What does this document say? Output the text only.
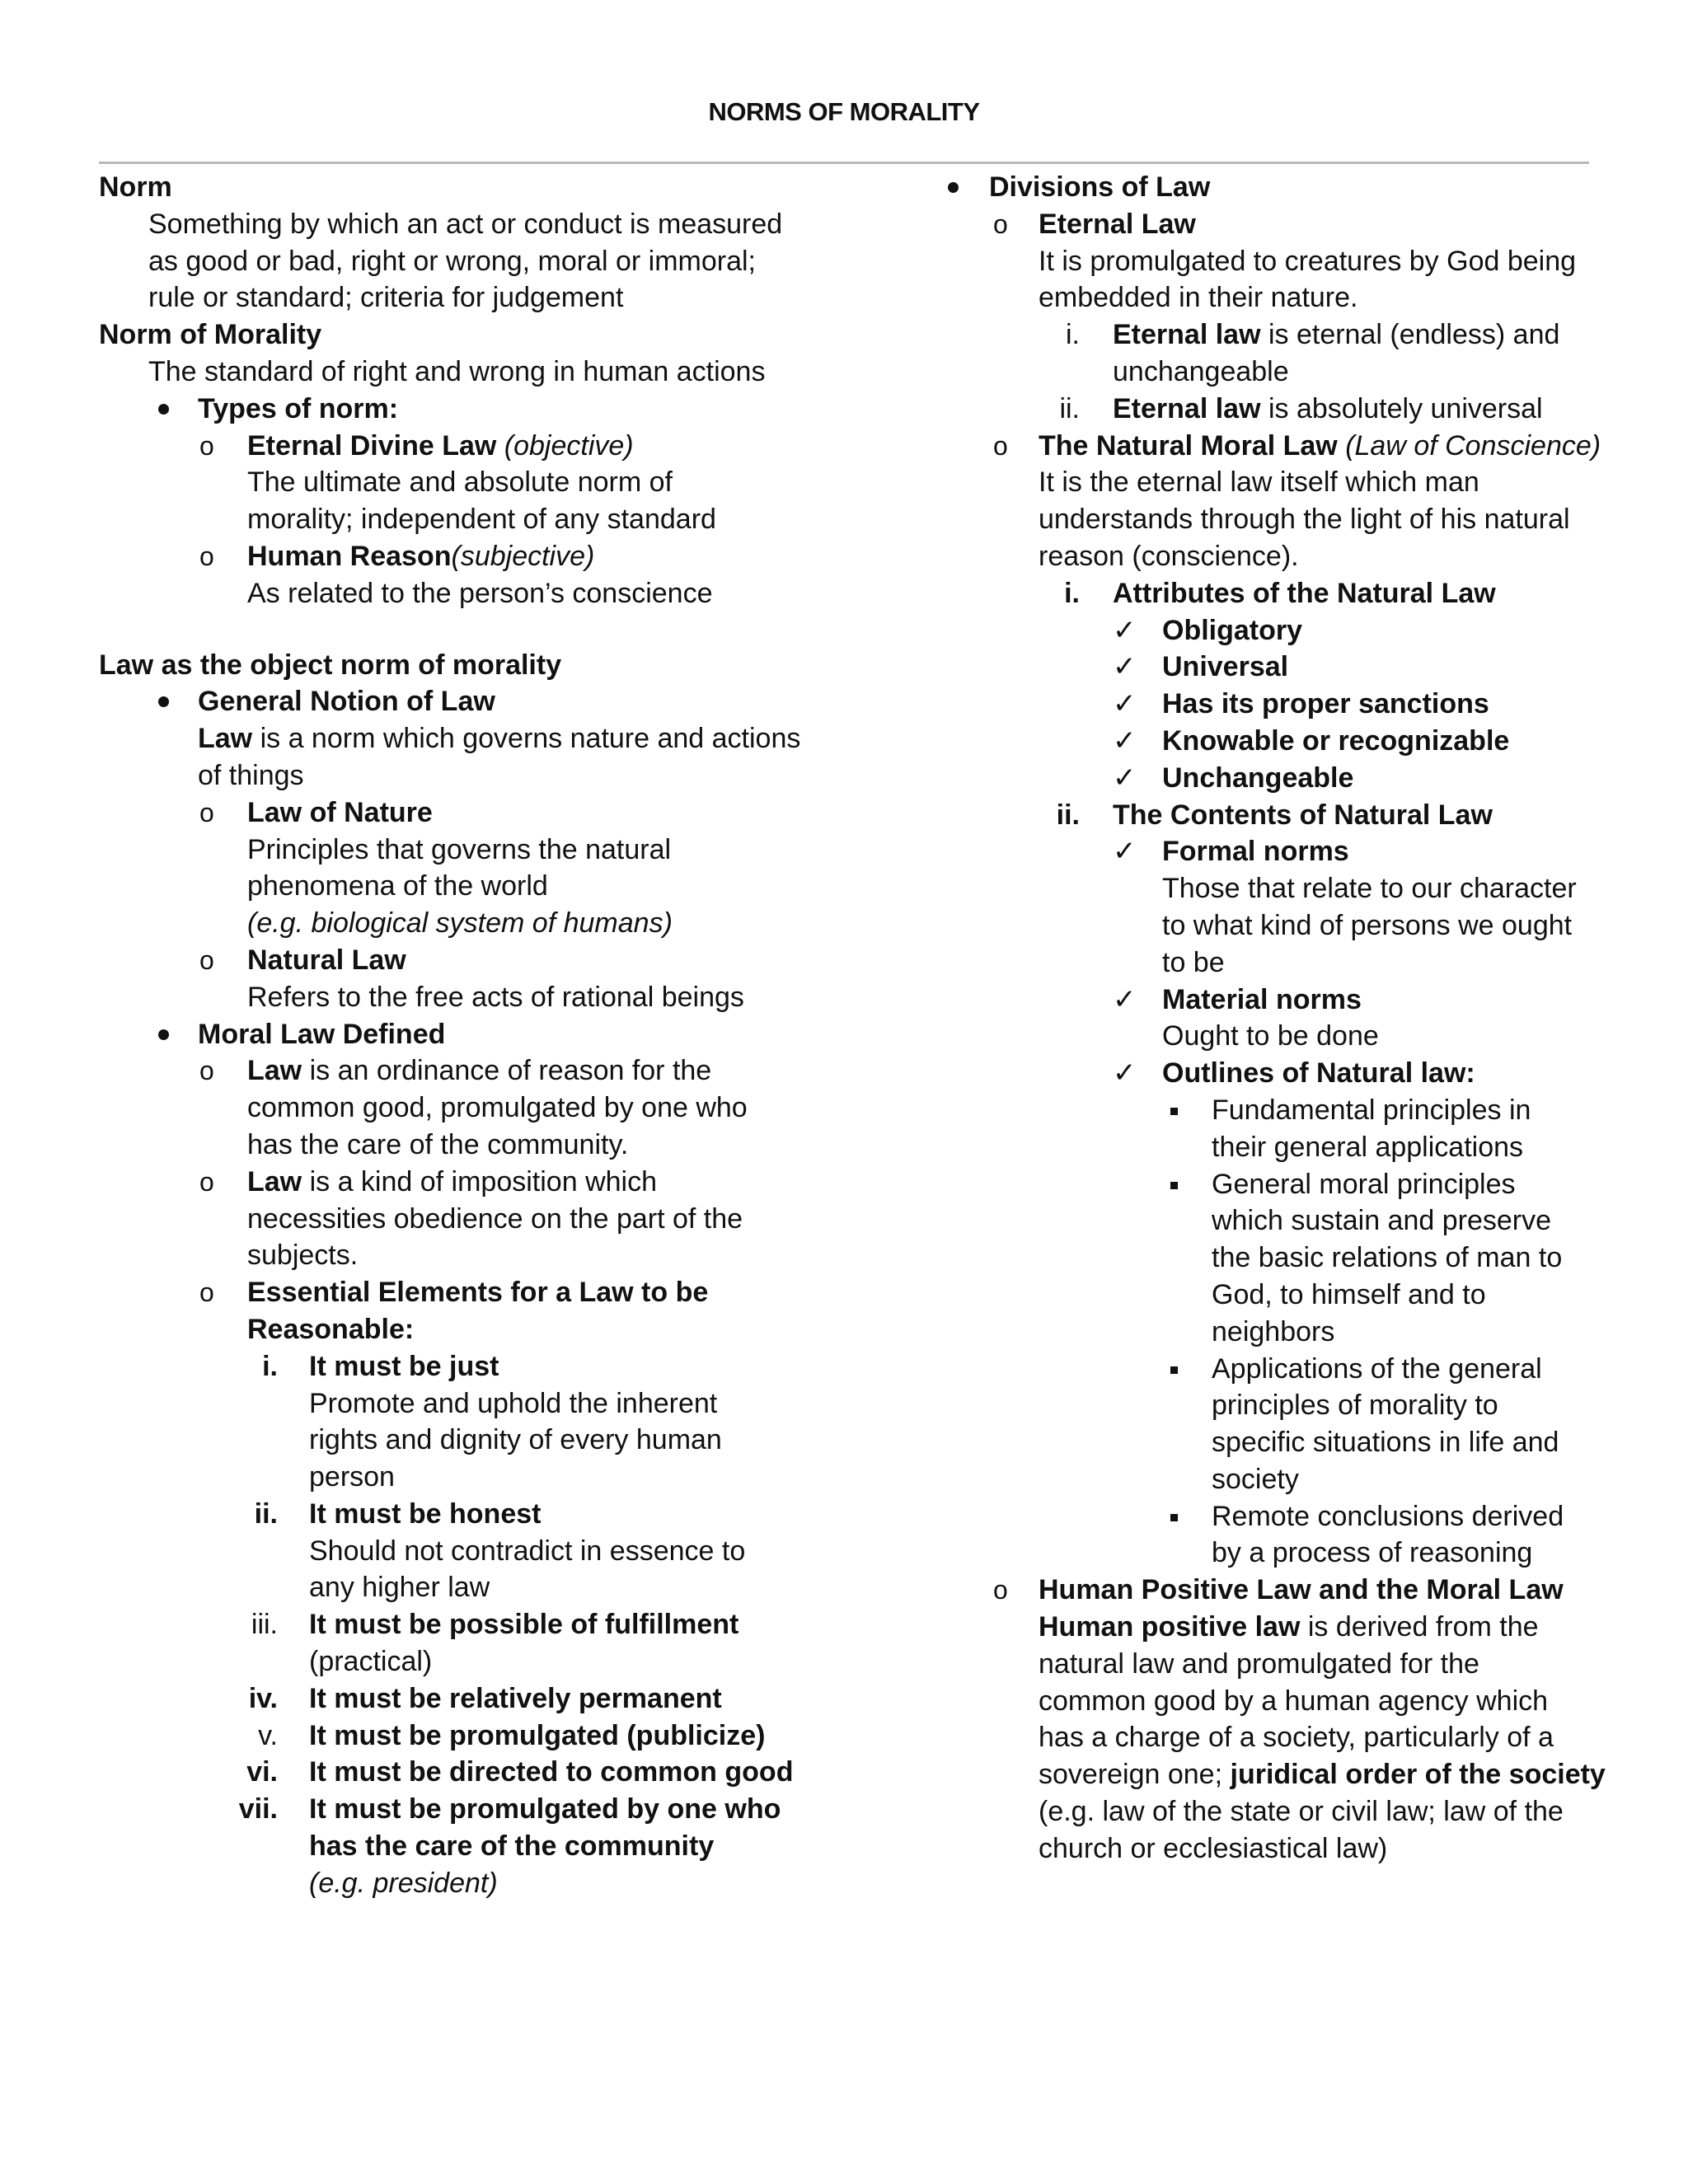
NORMS OF MORALITY
Norm
Something by which an act or conduct is measured
as good or bad, right or wrong, moral or immoral;
rule or standard; criteria for judgement
Norm of Morality
The standard of right and wrong in human actions
Types of norm:
o Eternal Divine Law (objective)
The ultimate and absolute norm of
morality; independent of any standard
o Human Reason(subjective)
As related to the person’s conscience
Law as the object norm of morality
General Notion of Law
Law is a norm which governs nature and actions
of things
o Law of Nature
Principles that governs the natural
phenomena of the world
(e.g. biological system of humans)
o Natural Law
Refers to the free acts of rational beings
Moral Law Defined
o Law is an ordinance of reason for the
common good, promulgated by one who
has the care of the community.
o Law is a kind of imposition which
necessities obedience on the part of the
subjects.
o Essential Elements for a Law to be
Reasonable:
i. It must be just
Promote and uphold the inherent
rights and dignity of every human
person
ii. It must be honest
Should not contradict in essence to
any higher law
iii. It must be possible of fulfillment
(practical)
iv. It must be relatively permanent
v. It must be promulgated (publicize)
vi. It must be directed to common good
vii. It must be promulgated by one who
has the care of the community
(e.g. president)
Divisions of Law
o Eternal Law
It is promulgated to creatures by God being
embedded in their nature.
i. Eternal law is eternal (endless) and
unchangeable
ii. Eternal law is absolutely universal
o The Natural Moral Law (Law of Conscience)
It is the eternal law itself which man
understands through the light of his natural
reason (conscience).
i. Attributes of the Natural Law
✓ Obligatory
✓ Universal
✓ Has its proper sanctions
✓ Knowable or recognizable
✓ Unchangeable
ii. The Contents of Natural Law
✓ Formal norms
Those that relate to our character
to what kind of persons we ought
to be
✓ Material norms
Ought to be done
✓ Outlines of Natural law:
Fundamental principles in
their general applications
General moral principles
which sustain and preserve
the basic relations of man to
God, to himself and to
neighbors
Applications of the general
principles of morality to
specific situations in life and
society
Remote conclusions derived
by a process of reasoning
o Human Positive Law and the Moral Law
Human positive law is derived from the
natural law and promulgated for the
common good by a human agency which
has a charge of a society, particularly of a
sovereign one; juridical order of the society
(e.g. law of the state or civil law; law of the
church or ecclesiastical law)
